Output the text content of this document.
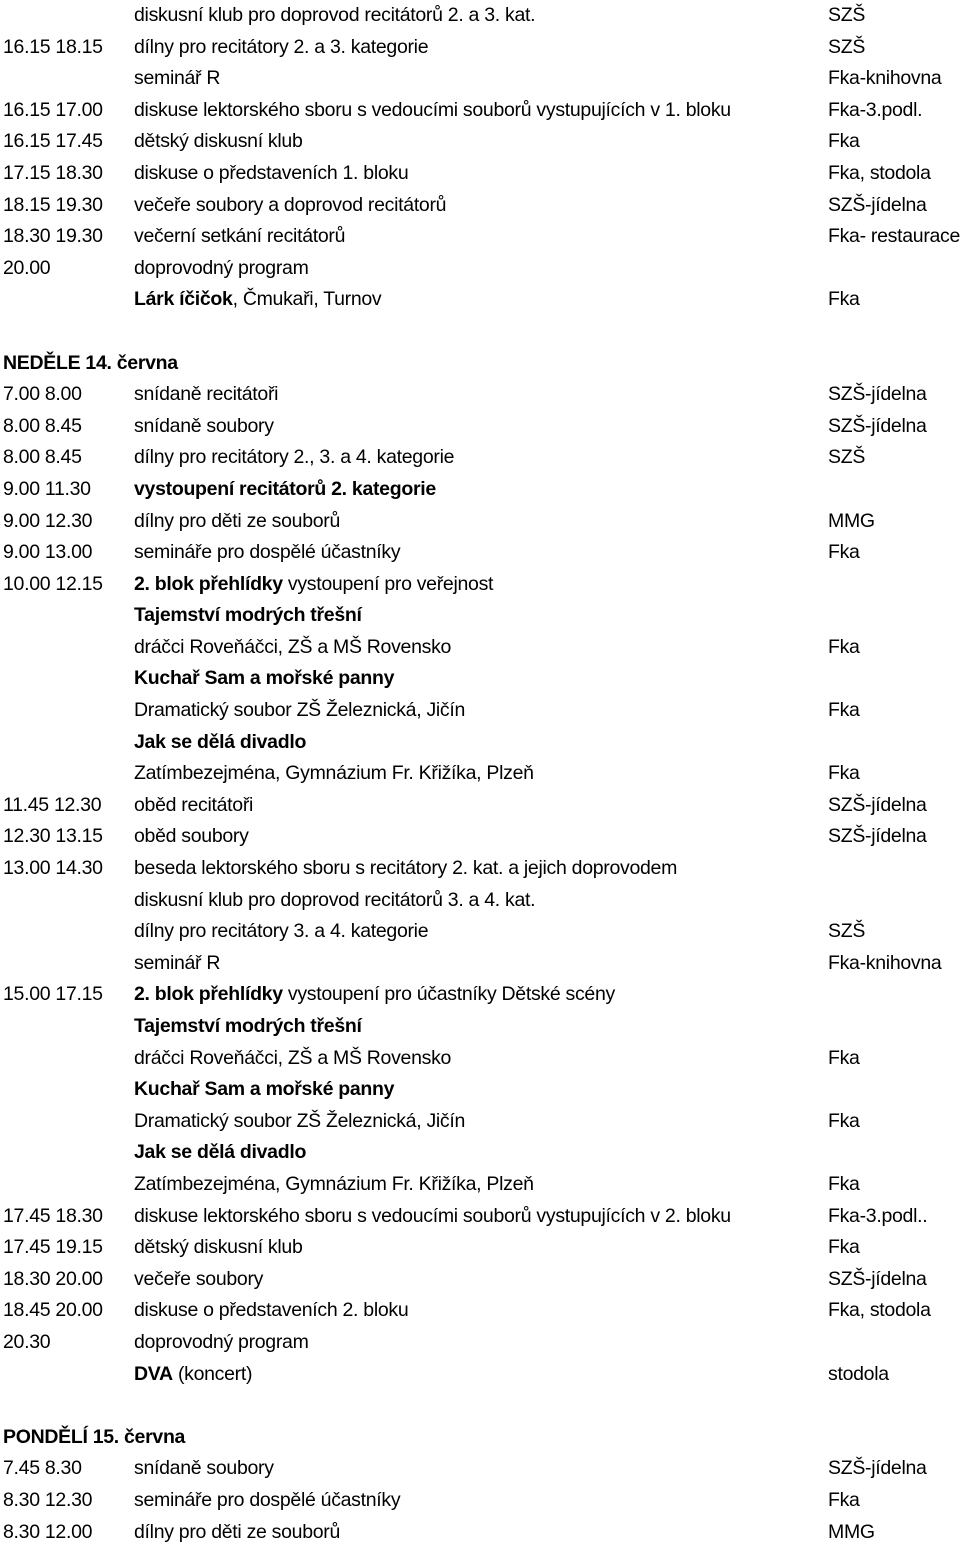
diskusní klub pro doprovod recitátorů 2. a 3. kat.	SZŠ
16.15 18.15 dílny pro recitátory 2. a 3. kategorie	SZŠ
seminář R	Fka-knihovna
16.15 17.00 diskuse lektorského sboru s vedoucími souborů vystupujících v 1. bloku	Fka-3.podl.
16.15 17.45 dětský diskusní klub	Fka
17.15 18.30 diskuse o představeních 1. bloku	Fka, stodola
18.15 19.30 večeře soubory a doprovod recitátorů	SZŠ-jídelna
18.30 19.30 večerní setkání recitátorů	Fka- restaurace
20.00	doprovodný program
Lárk íčičok, Čmukaři, Turnov	Fka
NEDĚLE 14. června
7.00 8.00	snídaně recitátoři	SZŠ-jídelna
8.00 8.45	snídaně soubory	SZŠ-jídelna
8.00 8.45	dílny pro recitátory 2., 3. a 4. kategorie	SZŠ
9.00 11.30 vystoupení recitátorů 2. kategorie
9.00 12.30 dílny pro děti ze souborů	MMG
9.00 13.00 semináře pro dospělé účastníky	Fka
10.00 12.15 2. blok přehlídky vystoupení pro veřejnost
Tajemství modrých třešní
dráčci Roveňáčci, ZŠ a MŠ Rovensko	Fka
Kuchař Sam a mořské panny
Dramatický soubor ZŠ Železnická, Jičín	Fka
Jak se dělá divadlo
Zatímbezejména, Gymnázium Fr. Křižíka, Plzeň	Fka
11.45 12.30 oběd recitátoři	SZŠ-jídelna
12.30 13.15 oběd soubory	SZŠ-jídelna
13.00 14.30 beseda lektorského sboru s recitátory 2. kat. a jejich doprovodem
diskusní klub pro doprovod recitátorů 3. a 4. kat.
dílny pro recitátory 3. a 4. kategorie	SZŠ
seminář R	Fka-knihovna
15.00 17.15 2. blok přehlídky vystoupení pro účastníky Dětské scény
Tajemství modrých třešní
dráčci Roveňáčci, ZŠ a MŠ Rovensko	Fka
Kuchař Sam a mořské panny
Dramatický soubor ZŠ Železnická, Jičín	Fka
Jak se dělá divadlo
Zatímbezejména, Gymnázium Fr. Křižíka, Plzeň	Fka
17.45 18.30 diskuse lektorského sboru s vedoucími souborů vystupujících v 2. bloku	Fka-3.podl..
17.45 19.15 dětský diskusní klub	Fka
18.30 20.00 večeře soubory	SZŠ-jídelna
18.45 20.00 diskuse o představeních 2. bloku	Fka, stodola
20.30	doprovodný program
DVA (koncert)	stodola
PONDĚLÍ 15. června
7.45 8.30	snídaně soubory	SZŠ-jídelna
8.30 12.30 semináře pro dospělé účastníky	Fka
8.30 12.00 dílny pro děti ze souborů	MMG
